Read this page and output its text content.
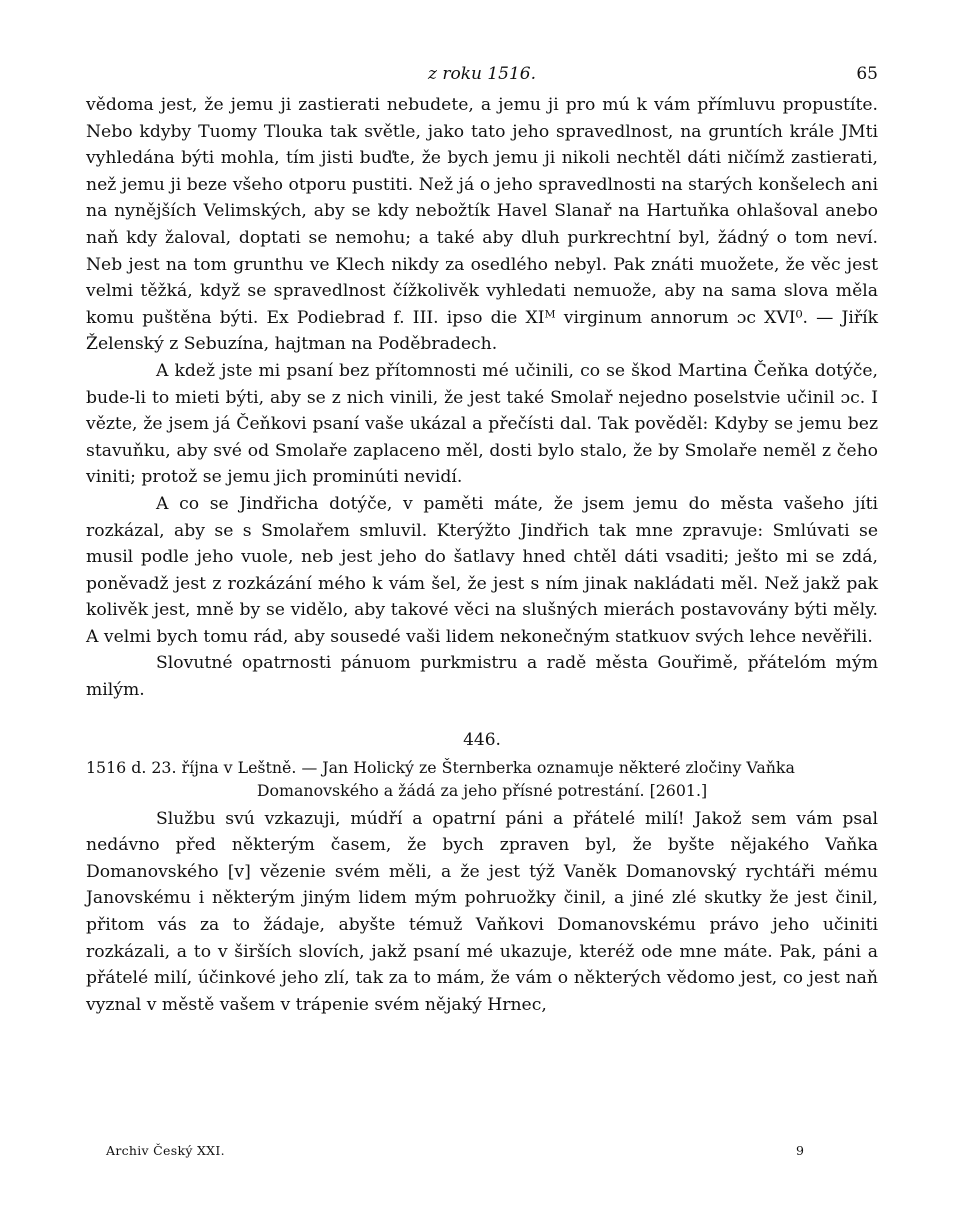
z roku 1516.	65

vědoma jest, že jemu ji zastierati nebudete, a jemu ji pro mú k vám přímluvu propustíte. Nebo kdyby Tuomy Tlouka tak světle, jako tato jeho spravedlnost, na gruntích krále JMti vyhledána býti mohla, tím jisti buďte, že bych jemu ji nikoli nechtěl dáti ničímž zastierati, než jemu ji beze všeho otporu pustiti. Než já o jeho spravedlnosti na starých konšelech ani na nynějších Velimských, aby se kdy nebožtík Havel Slanař na Hartuňka ohlašoval anebo naň kdy žaloval, doptati se nemohu; a také aby dluh purkrechtní byl, žádný o tom neví. Neb jest na tom grunthu ve Klech nikdy za osedlého nebyl. Pak znáti muožete, že věc jest velmi těžká, když se spravedlnost čížkolivěk vyhledati nemuože, aby na sama slova měla komu puštěna býti. Ex Podiebrad f. III. ipso die XIᴹ virginum annorum ɔc XVI⁰. — Jiřík Želenský z Sebuzína, hajtman na Poděbradech.

A kdež jste mi psaní bez přítomnosti mé učinili, co se škod Martina Čeňka dotýče, bude-li to mieti býti, aby se z nich vinili, že jest také Smolař nejedno poselstvie učinil ɔc. I vězte, že jsem já Čeňkovi psaní vaše ukázal a přečísti dal. Tak pověděl: Kdyby se jemu bez stavuňku, aby své od Smolaře zaplaceno měl, dosti bylo stalo, že by Smolaře neměl z čeho viniti; protož se jemu jich prominúti nevidí.

A co se Jindřicha dotýče, v paměti máte, že jsem jemu do města vašeho jíti rozkázal, aby se s Smolařem smluvil. Kterýžto Jindřich tak mne zpravuje: Smlúvati se musil podle jeho vuole, neb jest jeho do šatlavy hned chtěl dáti vsaditi; ješto mi se zdá, poněvadž jest z rozkázání mého k vám šel, že jest s ním jinak nakládati měl. Než jakž pak kolivěk jest, mně by se vidělo, aby takové věci na slušných mierách postavovány býti měly. A velmi bych tomu rád, aby sousedé vaši lidem nekonečným statkuov svých lehce nevěřili.

Slovutné opatrnosti pánuom purkmistru a radě města Gouřimě, přátelóm mým milým.

446.

1516 d. 23. října v Leštně. — Jan Holický ze Šternberka oznamuje některé zločiny Vaňka
Domanovského a žádá za jeho přísné potrestání. [2601.]

Službu svú vzkazuji, múdří a opatrní páni a přátelé milí! Jakož sem vám psal nedávno před některým časem, že bych zpraven byl, že byšte nějakého Vaňka Domanovského [v] vězenie svém měli, a že jest týž Vaněk Domanovský rychtáři mému Janovskému i některým jiným lidem mým pohruožky činil, a jiné zlé skutky že jest činil, přitom vás za to žádaje, abyšte témuž Vaňkovi Domanovskému právo jeho učiniti rozkázali, a to v širších slovích, jakž psaní mé ukazuje, kteréž ode mne máte. Pak, páni a přátelé milí, účinkové jeho zlí, tak za to mám, že vám o některých vědomo jest, co jest naň vyznal v městě vašem v trápenie svém nějaký Hrnec,

Archiv Český XXI.	9
